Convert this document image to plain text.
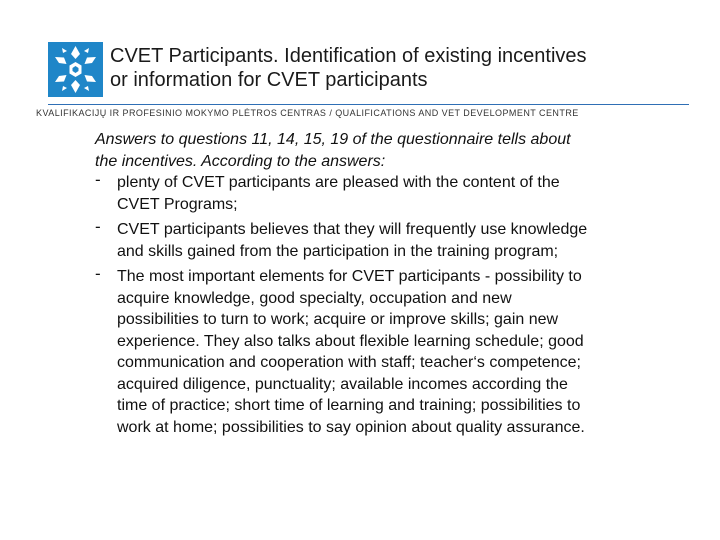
CVET Participants. Identification of existing incentives
or information for CVET participants
KVALIFIKACIJŲ IR PROFESINIO MOKYMO PLĖTROS CENTRAS / QUALIFICATIONS AND VET DEVELOPMENT CENTRE
Answers to questions 11, 14, 15, 19 of the questionnaire tells about
the incentives. According to the answers:
- plenty of CVET participants are pleased with the content of the
CVET Programs;
- CVET participants believes that they will frequently use knowledge
and skills gained from the participation in the training program;
- The most important elements for CVET participants - possibility to
acquire knowledge, good specialty, occupation and new
possibilities to turn to work; acquire or improve skills; gain new
experience. They also talks about flexible learning schedule; good
communication and cooperation with staff; teacher‘s competence;
acquired diligence, punctuality; available incomes according the
time of practice; short time of learning and training; possibilities to
work at home; possibilities to say opinion about quality assurance.
